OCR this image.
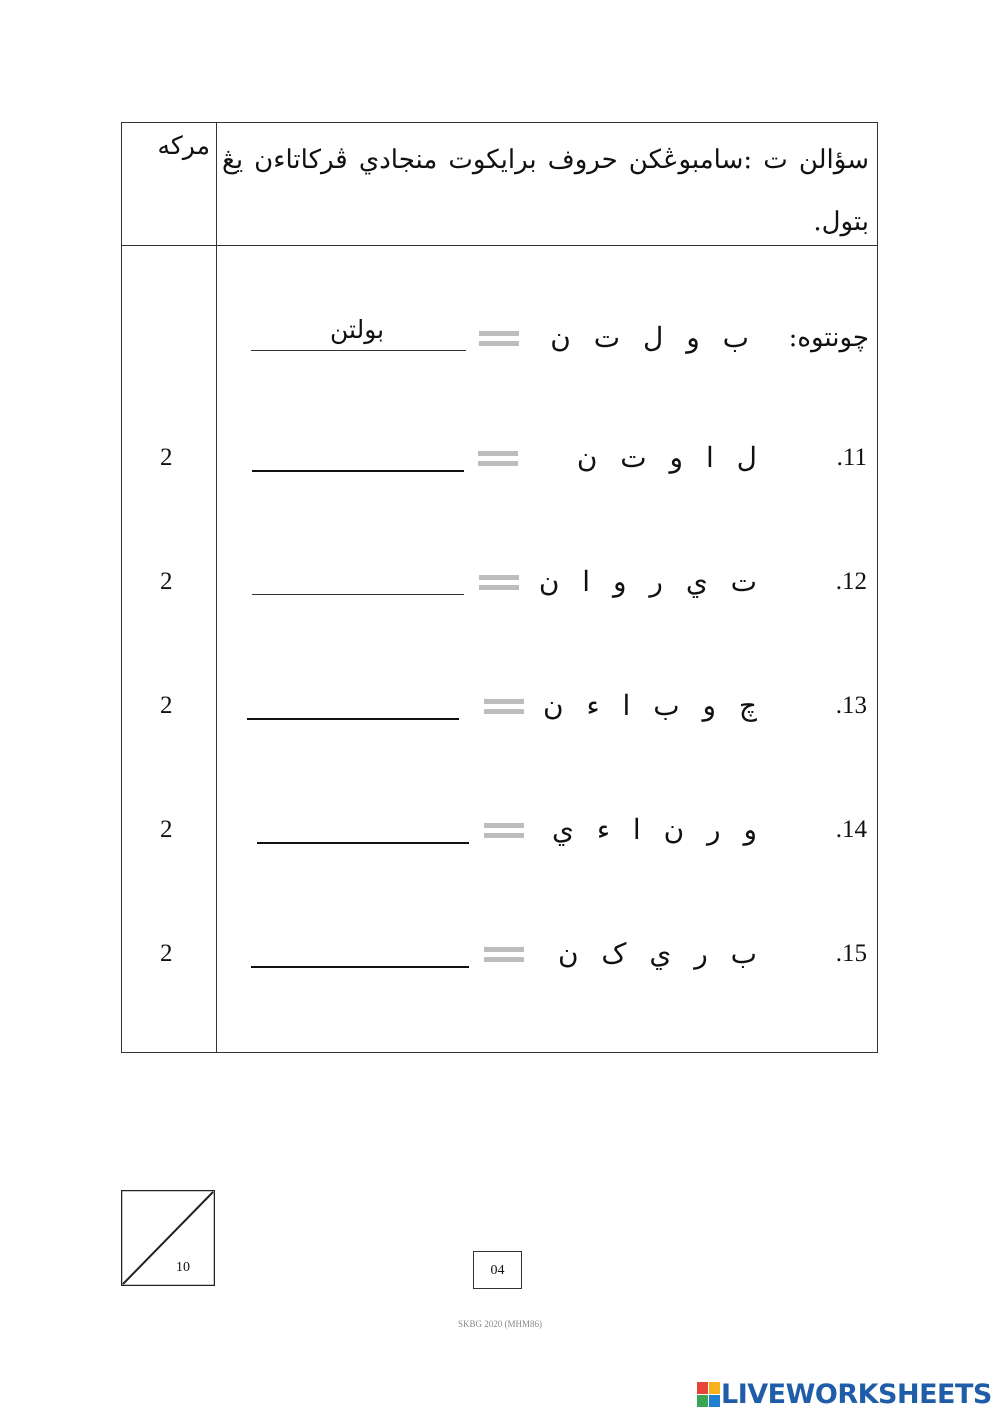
مركه سؤالن ت :سامبوڠكن حروف برايكوت منجادي ڤركاتاءن يڠ بتول.
چونتوه:
ب و ل ت ن
بولتن
.11
ل ا و ت ن
2
.12
ت ي ر و ا ن
2
.13
چ و ب ا ء ن
2
.14
و ر ن ا ء ي
2
.15
ب ر ي ک ن
2
10	04
SKBG 2020 (MHM86)
LIVEWORKSHEETS
